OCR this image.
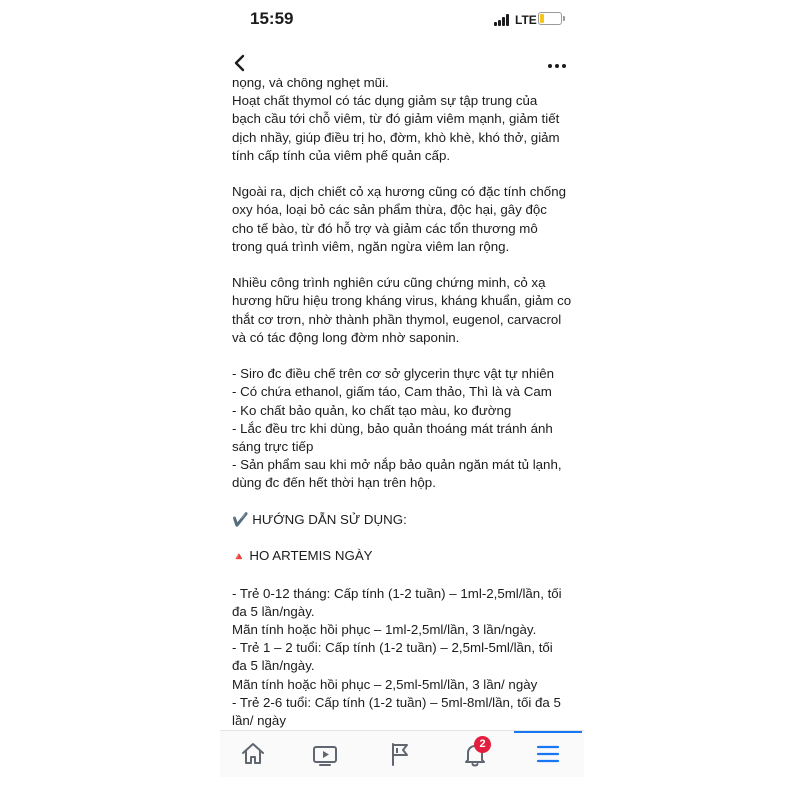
15:59	LTE

nọng, và chống nghẹt mũi.

Hoạt chất thymol có tác dụng giảm sự tập trung của

bạch cầu tới chỗ viêm, từ đó giảm viêm mạnh, giảm tiết

dịch nhầy, giúp điều trị ho, đờm, khò khè, khó thở, giảm

tính cấp tính của viêm phế quản cấp.

Ngoài ra, dịch chiết cỏ xạ hương cũng có đặc tính chống

oxy hóa, loại bỏ các sản phẩm thừa, độc hại, gây độc

cho tế bào, từ đó hỗ trợ và giảm các tổn thương mô

trong quá trình viêm, ngăn ngừa viêm lan rộng.

Nhiều công trình nghiên cứu cũng chứng minh, cỏ xạ

hương hữu hiệu trong kháng virus, kháng khuẩn, giảm co

thắt cơ trơn, nhờ thành phần thymol, eugenol, carvacrol

và có tác động long đờm nhờ saponin.

- Siro đc điều chế trên cơ sở glycerin thực vật tự nhiên

- Có chứa ethanol, giấm táo, Cam thảo, Thì là và Cam

- Ko chất bảo quản, ko chất tạo màu, ko đường

- Lắc đều trc khi dùng, bảo quản thoáng mát tránh ánh

sáng trực tiếp

- Sản phẩm sau khi mở nắp bảo quản ngăn mát tủ lạnh,

dùng đc đến hết thời hạn trên hộp.

✔️ HƯỚNG DẪN SỬ DỤNG:

🔺 HO ARTEMIS NGÀY

- Trẻ 0-12 tháng: Cấp tính (1-2 tuần) – 1ml-2,5ml/lần, tối

đa 5 lần/ngày.

Mãn tính hoặc hồi phục – 1ml-2,5ml/lần, 3 lần/ngày.

- Trẻ 1 – 2 tuổi: Cấp tính (1-2 tuần) – 2,5ml-5ml/lần, tối

đa 5 lần/ngày.

Mãn tính hoặc hồi phục – 2,5ml-5ml/lần, 3 lần/ ngày

- Trẻ 2-6 tuổi: Cấp tính (1-2 tuần) – 5ml-8ml/lần, tối đa 5

lần/ ngày

2
